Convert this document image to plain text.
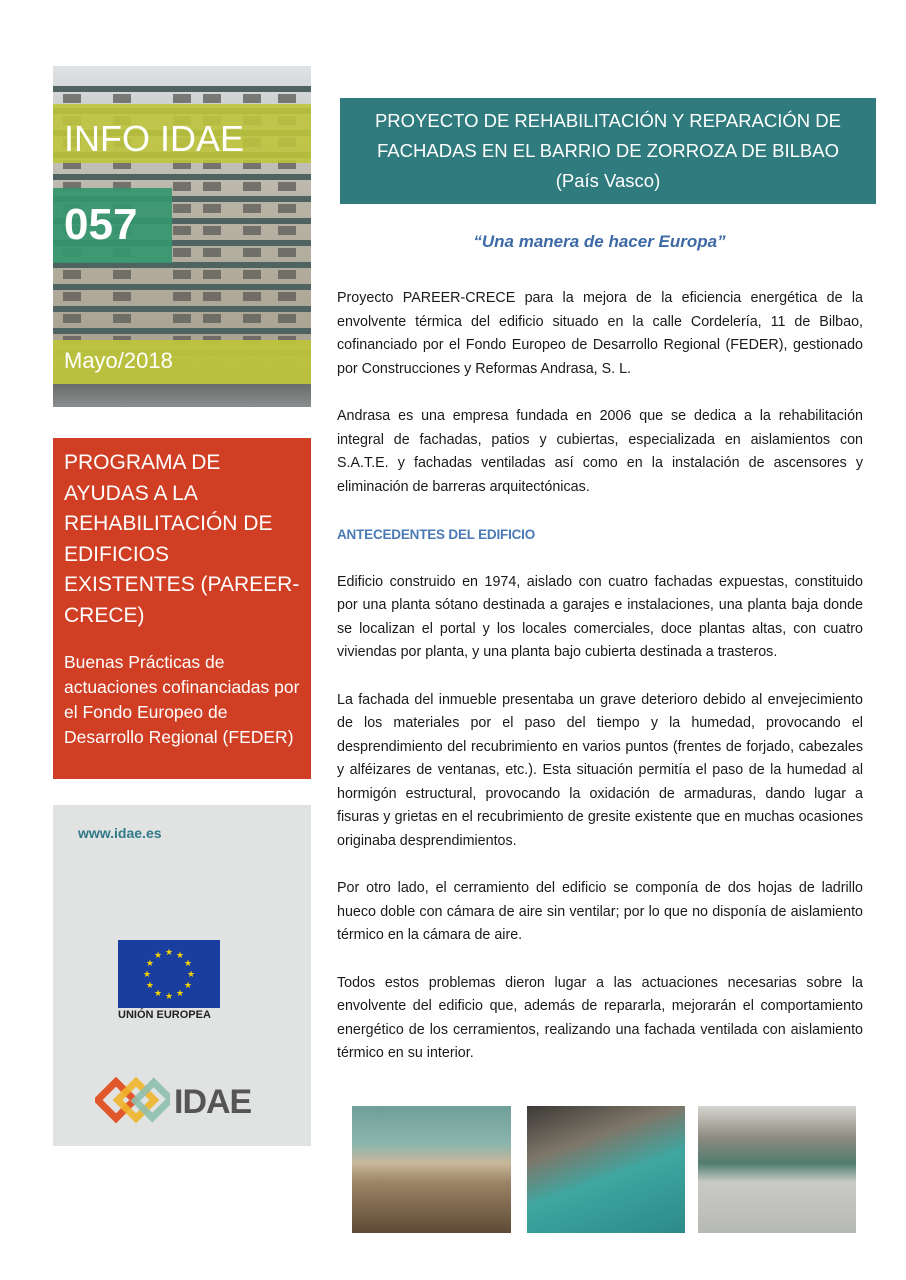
INFO IDAE
057
Mayo/2018
PROGRAMA DE AYUDAS A LA REHABILITACIÓN DE EDIFICIOS EXISTENTES (PAREER-CRECE)

Buenas Prácticas de actuaciones cofinanciadas por el Fondo Europeo de Desarrollo Regional (FEDER)

www.idae.es
★ ★
★
★
★
★
★
★
★
★
★
★
UNIÓN EUROPEA
IDAE
PROYECTO DE REHABILITACIÓN Y REPARACIÓN DE
FACHADAS EN EL BARRIO DE ZORROZA DE BILBAO
(País Vasco)
“Una manera de hacer Europa”

Proyecto PAREER-CRECE para la mejora de la eficiencia energética de la envolvente térmica del edificio situado en la calle Cordelería, 11 de Bilbao, cofinanciado por el Fondo Europeo de Desarrollo Regional (FEDER), gestionado por Construcciones y Reformas Andrasa, S. L.

Andrasa es una empresa fundada en 2006 que se dedica a la rehabilitación integral de fachadas, patios y cubiertas, especializada en aislamientos con S.A.T.E. y fachadas ventiladas así como en la instalación de ascensores y eliminación de barreras arquitectónicas.

ANTECEDENTES DEL EDIFICIO

Edificio construido en 1974, aislado con cuatro fachadas expuestas, constituido por una planta sótano destinada a garajes e instalaciones, una planta baja donde se localizan el portal y los locales comerciales, doce plantas altas, con cuatro viviendas por planta, y una planta bajo cubierta destinada a trasteros.

La fachada del inmueble presentaba un grave deterioro debido al envejecimiento de los materiales por el paso del tiempo y la humedad, provocando el desprendimiento del recubrimiento en varios puntos (frentes de forjado, cabezales y alféizares de ventanas, etc.). Esta situación permitía el paso de la humedad al hormigón estructural, provocando la oxidación de armaduras, dando lugar a fisuras y grietas en el recubrimiento de gresite existente que en muchas ocasiones originaba desprendimientos.

Por otro lado, el cerramiento del edificio se componía de dos hojas de ladrillo hueco doble con cámara de aire sin ventilar; por lo que no disponía de aislamiento térmico en la cámara de aire.

Todos estos problemas dieron lugar a las actuaciones necesarias sobre la envolvente del edificio que, además de repararla, mejorarán el comportamiento energético de los cerramientos, realizando una fachada ventilada con aislamiento térmico en su interior.
